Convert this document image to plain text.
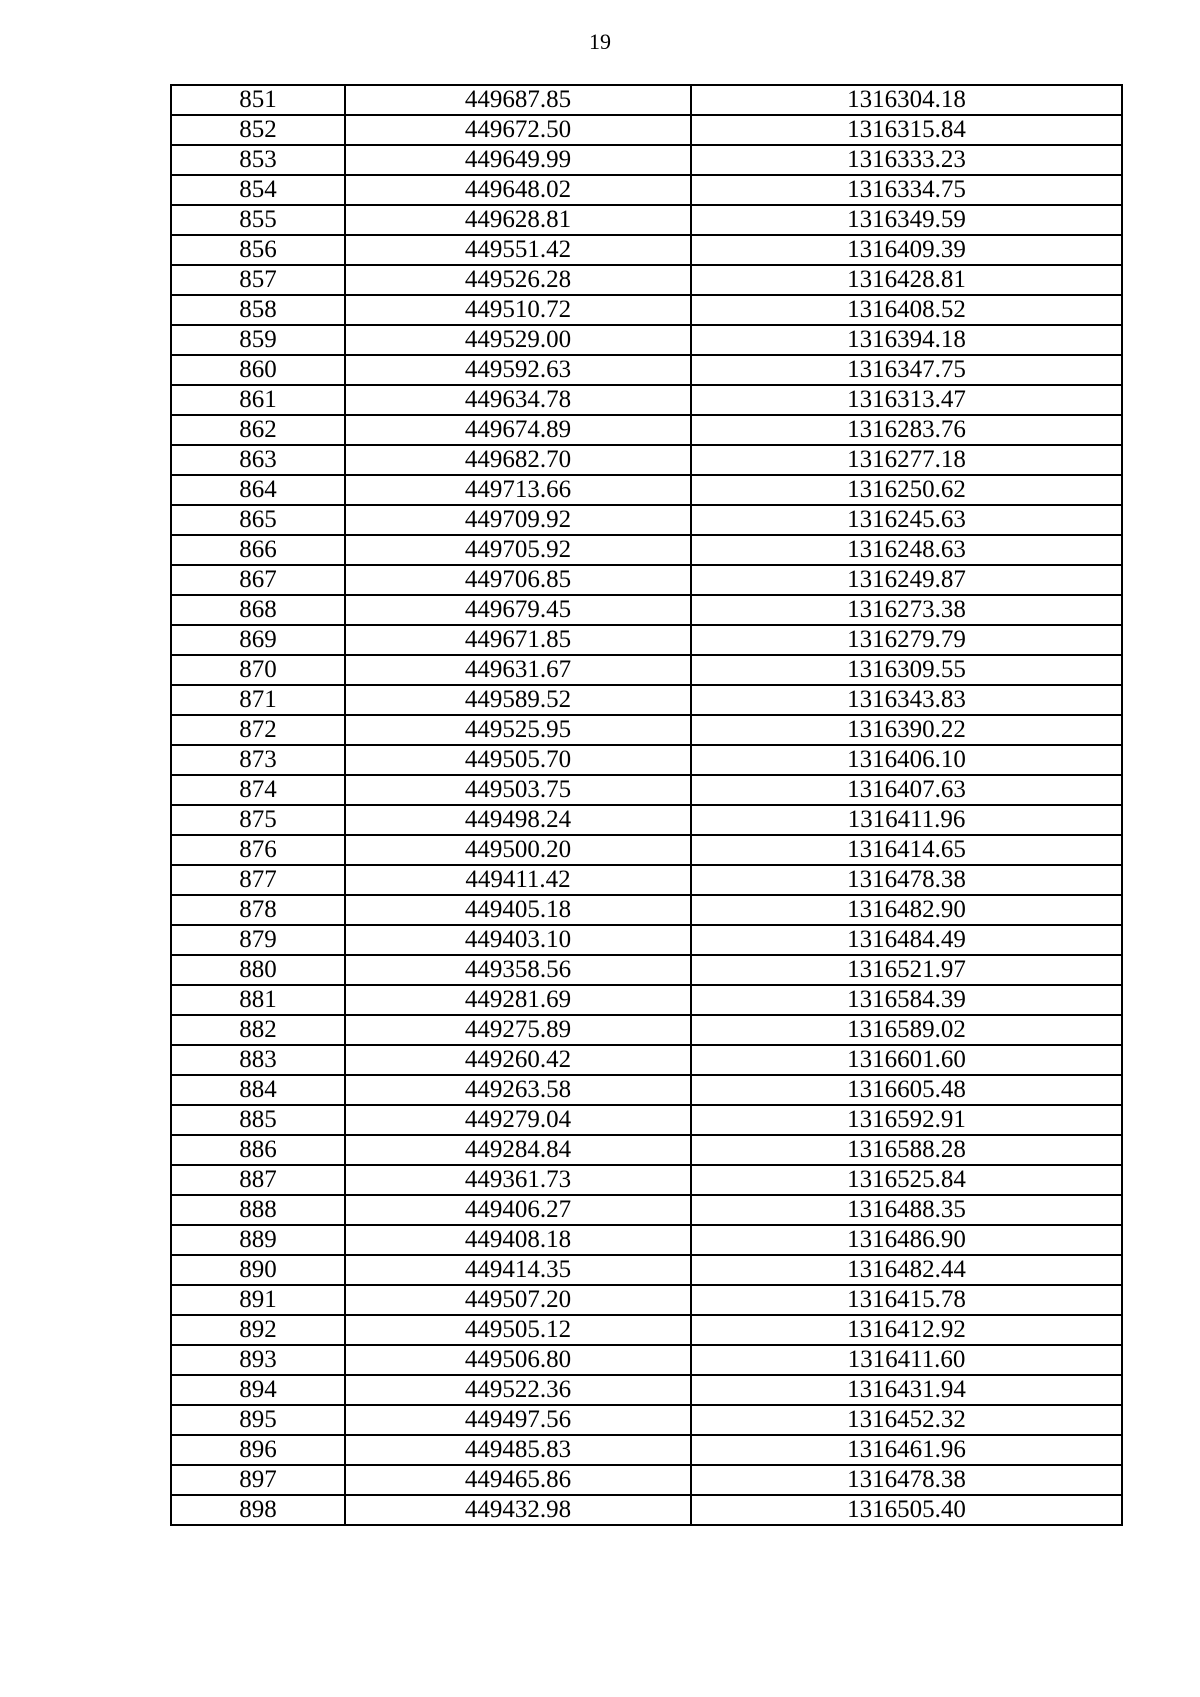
19
851	449687.85	1316304.18
852	449672.50	1316315.84
853	449649.99	1316333.23
854	449648.02	1316334.75
855	449628.81	1316349.59
856	449551.42	1316409.39
857	449526.28	1316428.81
858	449510.72	1316408.52
859	449529.00	1316394.18
860	449592.63	1316347.75
861	449634.78	1316313.47
862	449674.89	1316283.76
863	449682.70	1316277.18
864	449713.66	1316250.62
865	449709.92	1316245.63
866	449705.92	1316248.63
867	449706.85	1316249.87
868	449679.45	1316273.38
869	449671.85	1316279.79
870	449631.67	1316309.55
871	449589.52	1316343.83
872	449525.95	1316390.22
873	449505.70	1316406.10
874	449503.75	1316407.63
875	449498.24	1316411.96
876	449500.20	1316414.65
877	449411.42	1316478.38
878	449405.18	1316482.90
879	449403.10	1316484.49
880	449358.56	1316521.97
881	449281.69	1316584.39
882	449275.89	1316589.02
883	449260.42	1316601.60
884	449263.58	1316605.48
885	449279.04	1316592.91
886	449284.84	1316588.28
887	449361.73	1316525.84
888	449406.27	1316488.35
889	449408.18	1316486.90
890	449414.35	1316482.44
891	449507.20	1316415.78
892	449505.12	1316412.92
893	449506.80	1316411.60
894	449522.36	1316431.94
895	449497.56	1316452.32
896	449485.83	1316461.96
897	449465.86	1316478.38
898	449432.98	1316505.40
